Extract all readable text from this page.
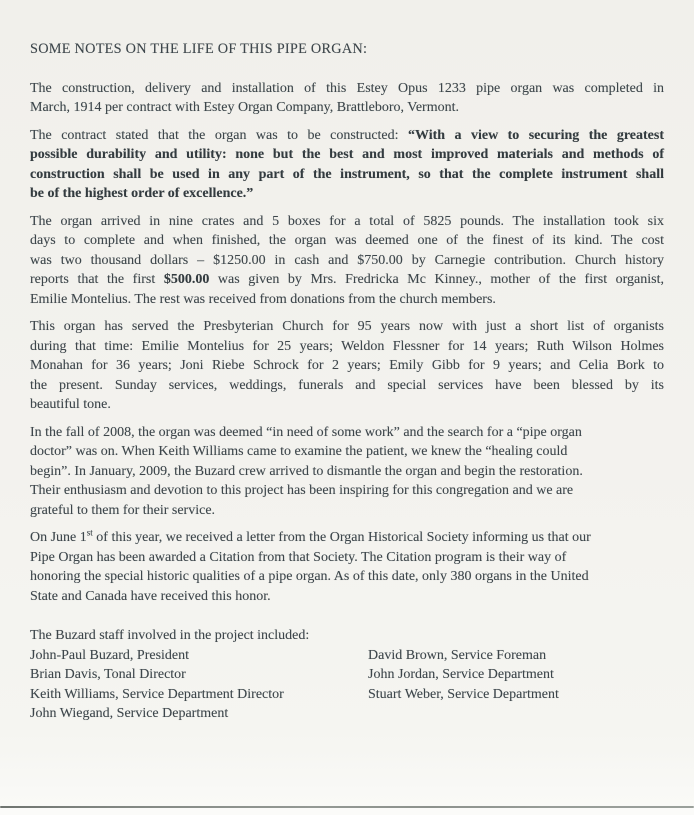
SOME NOTES ON THE LIFE OF THIS PIPE ORGAN:
The construction, delivery and installation of this Estey Opus 1233 pipe organ was completed in
March, 1914 per contract with Estey Organ Company, Brattleboro, Vermont.
The contract stated that the organ was to be constructed: “With a view to securing the greatest
possible durability and utility: none but the best and most improved materials and methods of
construction shall be used in any part of the instrument, so that the complete instrument shall
be of the highest order of excellence.”
The organ arrived in nine crates and 5 boxes for a total of 5825 pounds. The installation took six
days to complete and when finished, the organ was deemed one of the finest of its kind. The cost
was two thousand dollars – $1250.00 in cash and $750.00 by Carnegie contribution. Church history
reports that the first $500.00 was given by Mrs. Fredricka Mc Kinney., mother of the first organist,
Emilie Montelius. The rest was received from donations from the church members.
This organ has served the Presbyterian Church for 95 years now with just a short list of organists
during that time: Emilie Montelius for 25 years; Weldon Flessner for 14 years; Ruth Wilson Holmes
Monahan for 36 years; Joni Riebe Schrock for 2 years; Emily Gibb for 9 years; and Celia Bork to
the present. Sunday services, weddings, funerals and special services have been blessed by its
beautiful tone.
In the fall of 2008, the organ was deemed “in need of some work” and the search for a “pipe organ
doctor” was on. When Keith Williams came to examine the patient, we knew the “healing could
begin”. In January, 2009, the Buzard crew arrived to dismantle the organ and begin the restoration.
Their enthusiasm and devotion to this project has been inspiring for this congregation and we are
grateful to them for their service.
On June 1st of this year, we received a letter from the Organ Historical Society informing us that our
Pipe Organ has been awarded a Citation from that Society. The Citation program is their way of
honoring the special historic qualities of a pipe organ. As of this date, only 380 organs in the United
State and Canada have received this honor.
The Buzard staff involved in the project included:
John-Paul Buzard, President	David Brown, Service Foreman
Brian Davis, Tonal Director	John Jordan, Service Department
Keith Williams, Service Department Director	Stuart Weber, Service Department
John Wiegand, Service Department
